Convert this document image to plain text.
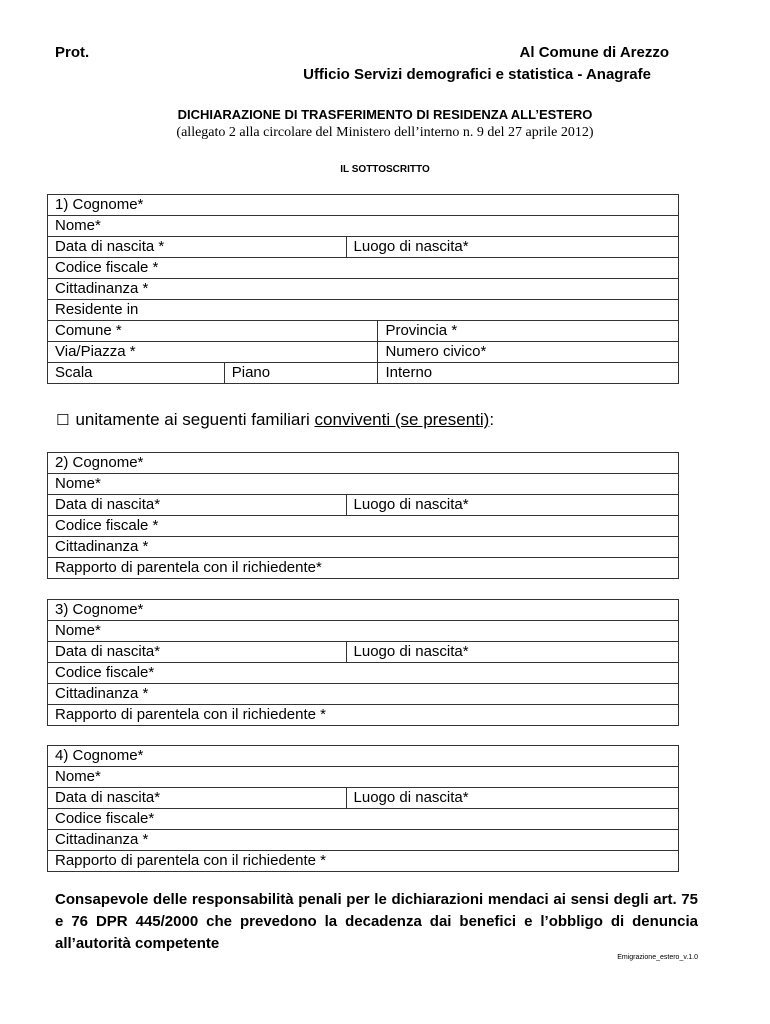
Prot.	Al Comune di Arezzo
Ufficio Servizi demografici e statistica - Anagrafe
DICHIARAZIONE DI TRASFERIMENTO DI RESIDENZA ALL’ESTERO
(allegato 2 alla circolare del Ministero dell’interno n. 9 del 27 aprile 2012)
IL SOTTOSCRITTO
1) Cognome*			
Nome*			
Data di nascita *		Luogo di nascita*	
Codice fiscale *			
Cittadinanza *			
Residente in			
Comune *			Provincia *
Via/Piazza *			Numero civico*
Scala	Piano		Interno
☐ unitamente ai seguenti familiari conviventi (se presenti):
2) Cognome*
Nome*
Data di nascita*	Luogo di nascita*
Codice fiscale *
Cittadinanza *
Rapporto di parentela con il richiedente*
3) Cognome*
Nome*
Data di nascita*	Luogo di nascita*
Codice fiscale*
Cittadinanza *
Rapporto di parentela con il richiedente *
4) Cognome*
Nome*
Data di nascita*	Luogo di nascita*
Codice fiscale*
Cittadinanza *
Rapporto di parentela con il richiedente *
Consapevole delle responsabilità penali per le dichiarazioni mendaci ai sensi degli art. 75 e 76 DPR 445/2000 che prevedono la decadenza dai benefici e l’obbligo di denuncia all’autorità competente
Emigrazione_estero_v.1.0
